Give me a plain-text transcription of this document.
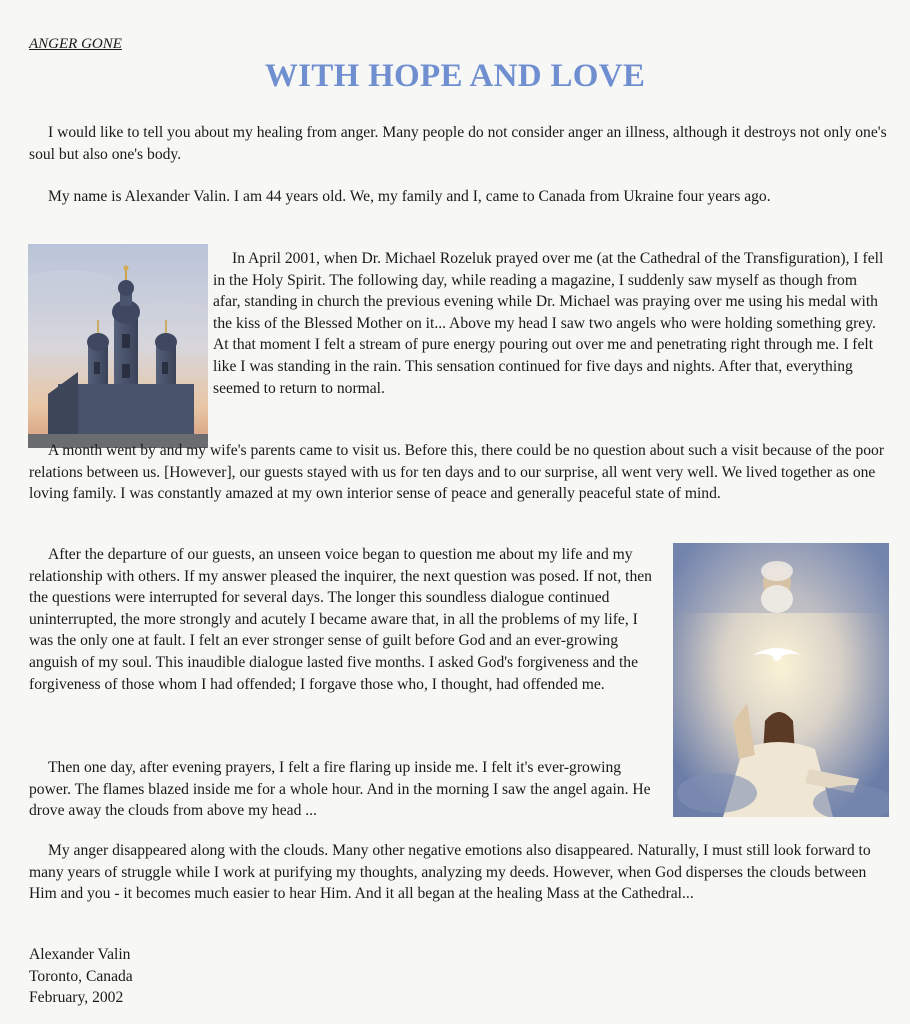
ANGER GONE
WITH HOPE AND LOVE

I would like to tell you about my healing from anger. Many people do not consider anger an illness, although it destroys not only one's soul but also one's body.

My name is Alexander Valin. I am 44 years old. We, my family and I, came to Canada from Ukraine four years ago.

In April 2001, when Dr. Michael Rozeluk prayed over me (at the Cathedral of the Transfiguration), I fell in the Holy Spirit. The following day, while reading a magazine, I suddenly saw myself as though from afar, standing in church the previous evening while Dr. Michael was praying over me using his medal with the kiss of the Blessed Mother on it... Above my head I saw two angels who were holding something grey. At that moment I felt a stream of pure energy pouring out over me and penetrating right through me. I felt like I was standing in the rain. This sensation continued for five days and nights. After that, everything seemed to return to normal.

A month went by and my wife's parents came to visit us. Before this, there could be no question about such a visit because of the poor relations between us. [However], our guests stayed with us for ten days and to our surprise, all went very well. We lived together as one loving family. I was constantly amazed at my own interior sense of peace and generally peaceful state of mind.

After the departure of our guests, an unseen voice began to question me about my life and my relationship with others. If my answer pleased the inquirer, the next question was posed. If not, then the questions were interrupted for several days. The longer this soundless dialogue continued uninterrupted, the more strongly and acutely I became aware that, in all the problems of my life, I was the only one at fault. I felt an ever stronger sense of guilt before God and an ever-growing anguish of my soul. This inaudible dialogue lasted five months. I asked God's forgiveness and the forgiveness of those whom I had offended; I forgave those who, I thought, had offended me.

Then one day, after evening prayers, I felt a fire flaring up inside me. I felt it's ever-growing power. The flames blazed inside me for a whole hour. And in the morning I saw the angel again. He drove away the clouds from above my head ...

My anger disappeared along with the clouds. Many other negative emotions also disappeared. Naturally, I must still look forward to many years of struggle while I work at purifying my thoughts, analyzing my deeds. However, when God disperses the clouds between Him and you - it becomes much easier to hear Him. And it all began at the healing Mass at the Cathedral...

Alexander Valin
Toronto, Canada
February, 2002
